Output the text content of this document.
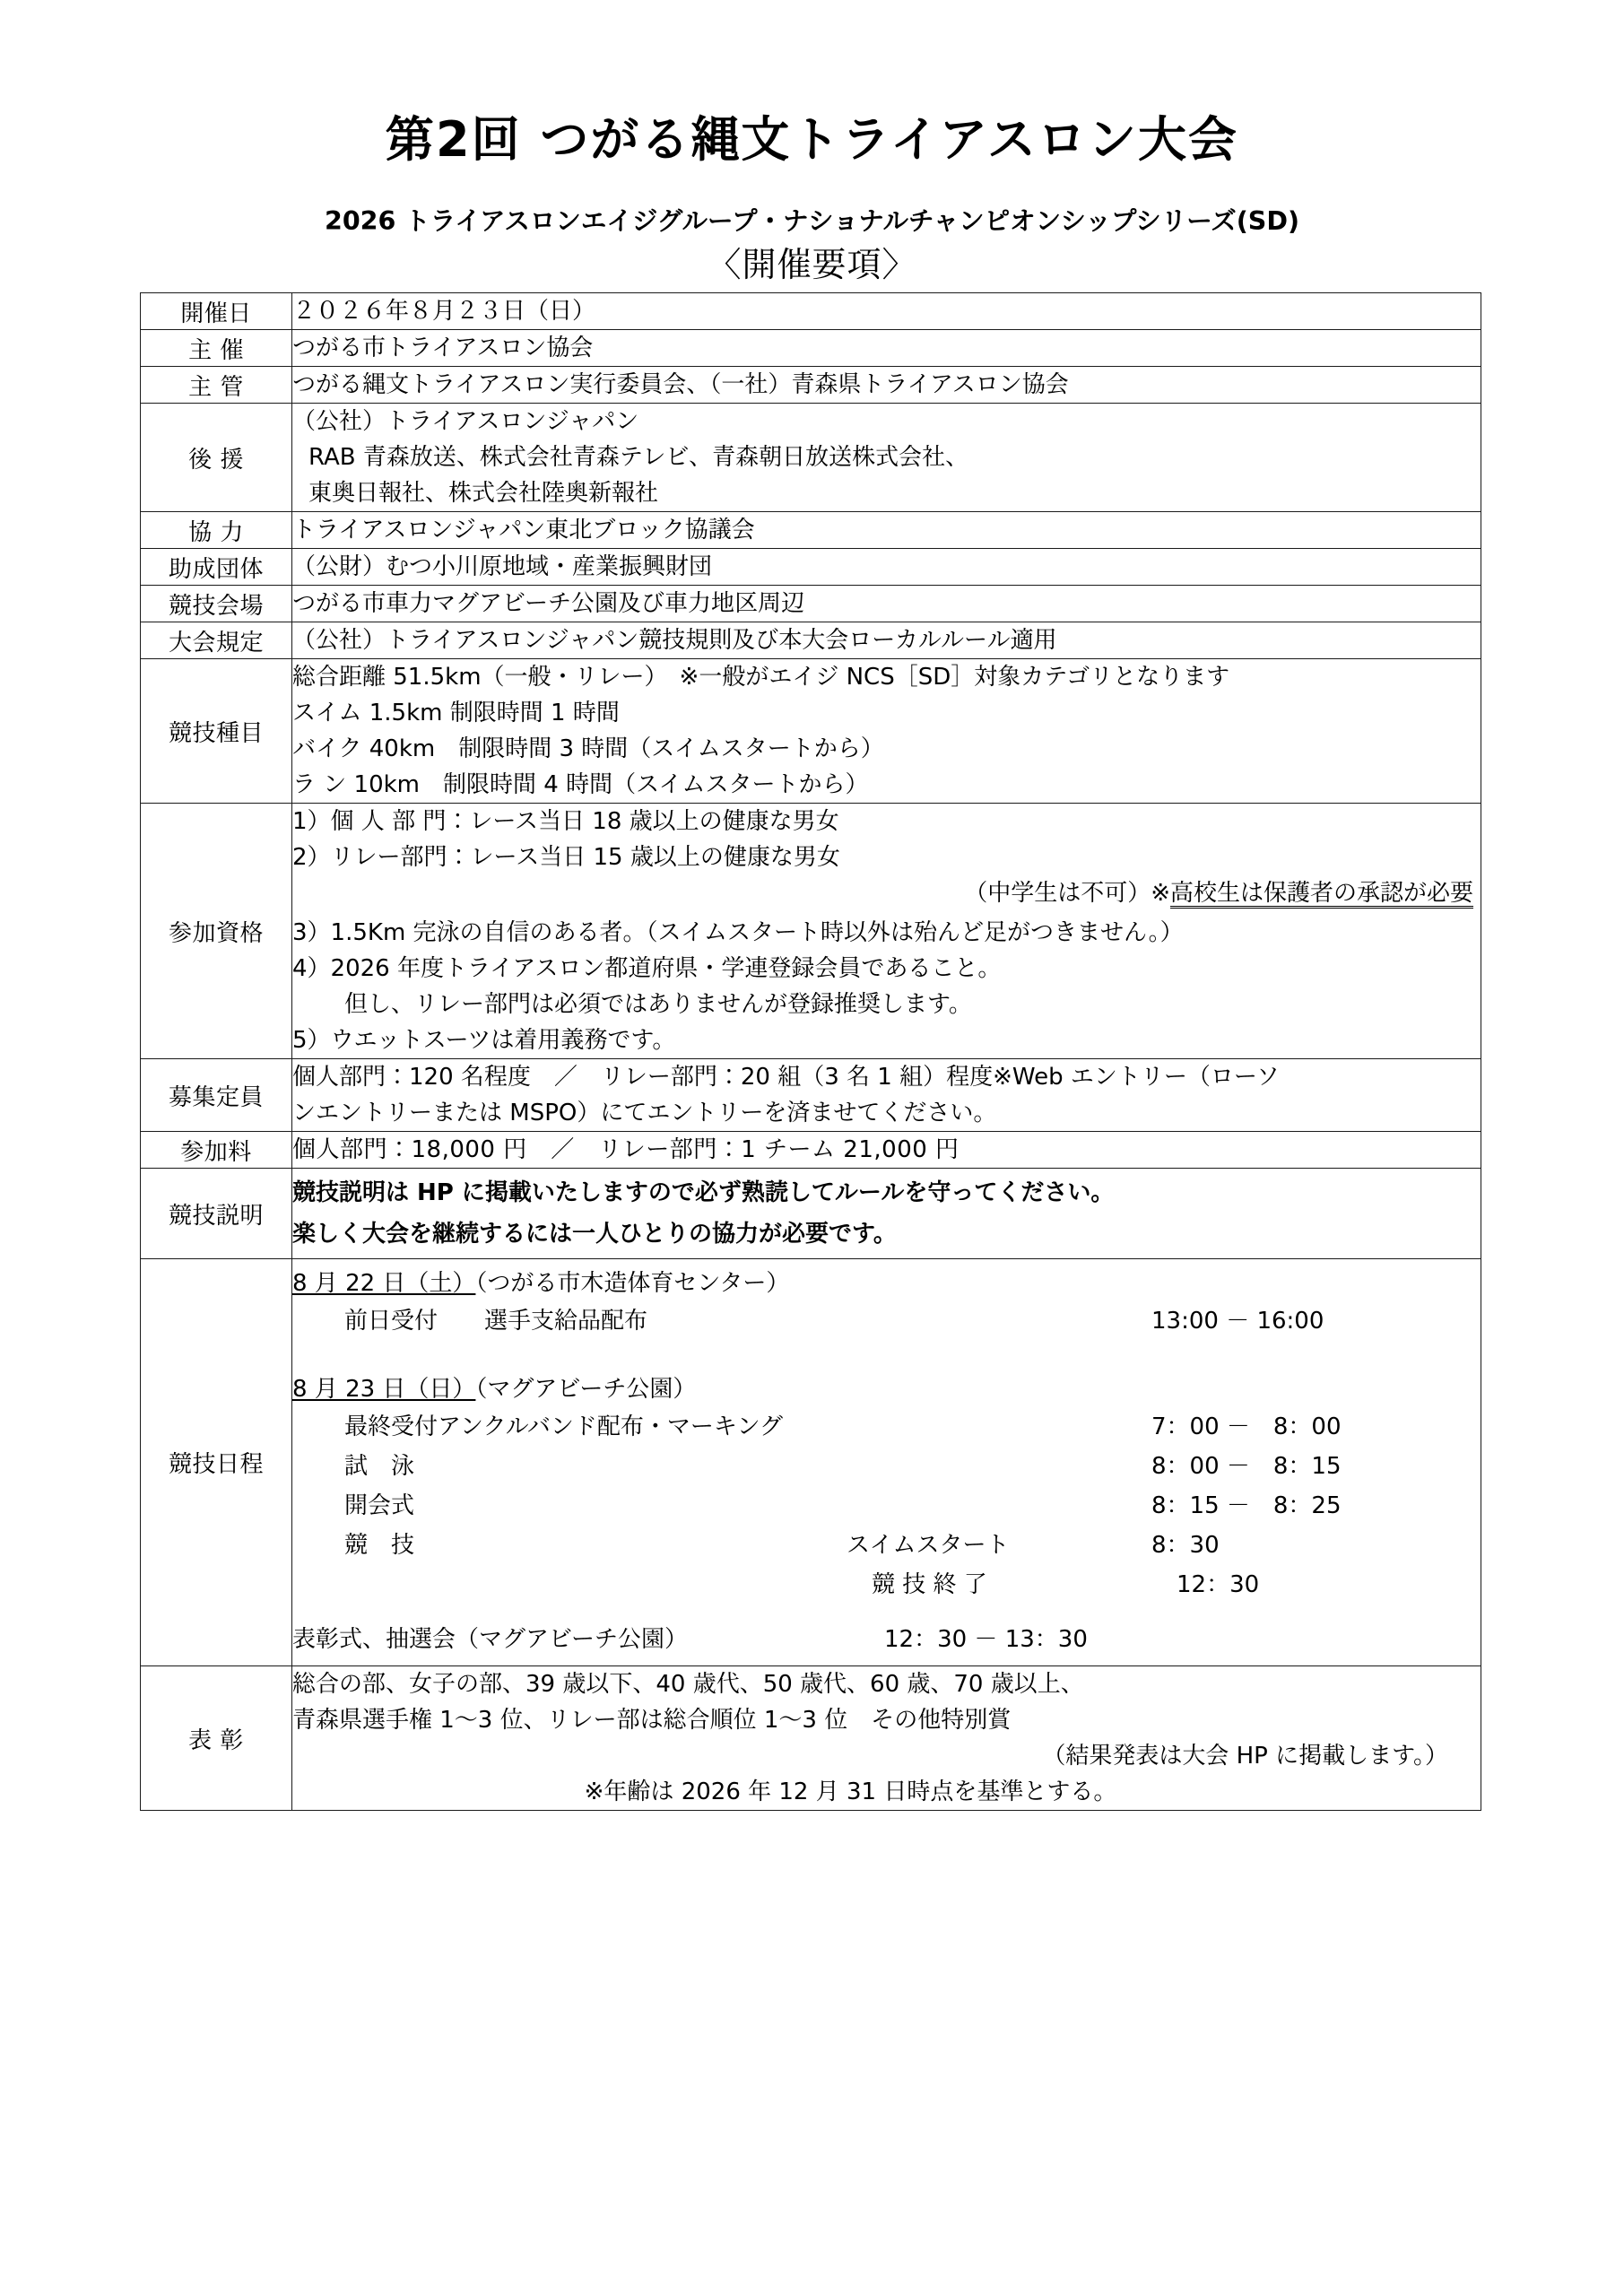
第2回 つがる縄文トライアスロン大会
2026 トライアスロンエイジグループ・ナショナルチャンピオンシップシリーズ(SD)
〈開催要項〉
開催日	２０２６年８月２３日（日）

主 催	つがる市トライアスロン協会

主 管	つがる縄文トライアスロン実行委員会、（一社）青森県トライアスロン協会

後 援	（公社）トライアスロンジャパン
RAB 青森放送、株式会社青森テレビ、青森朝日放送株式会社、
東奥日報社、株式会社陸奥新報社

協 力	トライアスロンジャパン東北ブロック協議会

助成団体	（公財）むつ小川原地域・産業振興財団

競技会場	つがる市車力マグアビーチ公園及び車力地区周辺

大会規定	（公社）トライアスロンジャパン競技規則及び本大会ローカルルール適用

競技種目	総合距離 51.5km（一般・リレー）　※一般がエイジ NCS［SD］対象カテゴリとなります
スイム 1.5km 制限時間 1 時間
バイク 40km　制限時間 3 時間（スイムスタートから）
ラ ン 10km　制限時間 4 時間（スイムスタートから）

参加資格	
1）個 人 部 門：レース当日 18 歳以上の健康な男女
2）リレー部門：レース当日 15 歳以上の健康な男女
（中学生は不可）※高校生は保護者の承認が必要
3）1.5Km 完泳の自信のある者。（スイムスタート時以外は殆んど足がつきません。）
4）2026 年度トライアスロン都道府県・学連登録会員であること。
但し、リレー部門は必須ではありませんが登録推奨します。
5）ウエットスーツは着用義務です。

募集定員	個人部門：120 名程度　／　リレー部門：20 組（3 名 1 組）程度※Web エントリー（ローソ
ンエントリーまたは MSPO）にてエントリーを済ませてください。

参加料	個人部門：18,000 円　／　リレー部門：1 チーム 21,000 円

競技説明	競技説明は HP に掲載いたしますので必ず熟読してルールを守ってください。
楽しく大会を継続するには一人ひとりの協力が必要です。

競技日程	
8 月 22 日（土）（つがる市木造体育センター）
前日受付　　選手支給品配布	13:00 － 16:00
8 月 23 日（日）（マグアビーチ公園）
最終受付アンクルバンド配布・マーキング	7：00 －　8：00
試　泳	8：00 －　8：15
開会式	8：15 －　8：25
競　技	スイムスタート	8：30
競 技 終 了	12：30
表彰式、抽選会（マグアビーチ公園）	12：30 － 13：30

表 彰	総合の部、女子の部、39 歳以下、40 歳代、50 歳代、60 歳、70 歳以上、
青森県選手権 1～3 位、リレー部は総合順位 1～3 位　その他特別賞
（結果発表は大会 HP に掲載します。）
※年齢は 2026 年 12 月 31 日時点を基準とする。
